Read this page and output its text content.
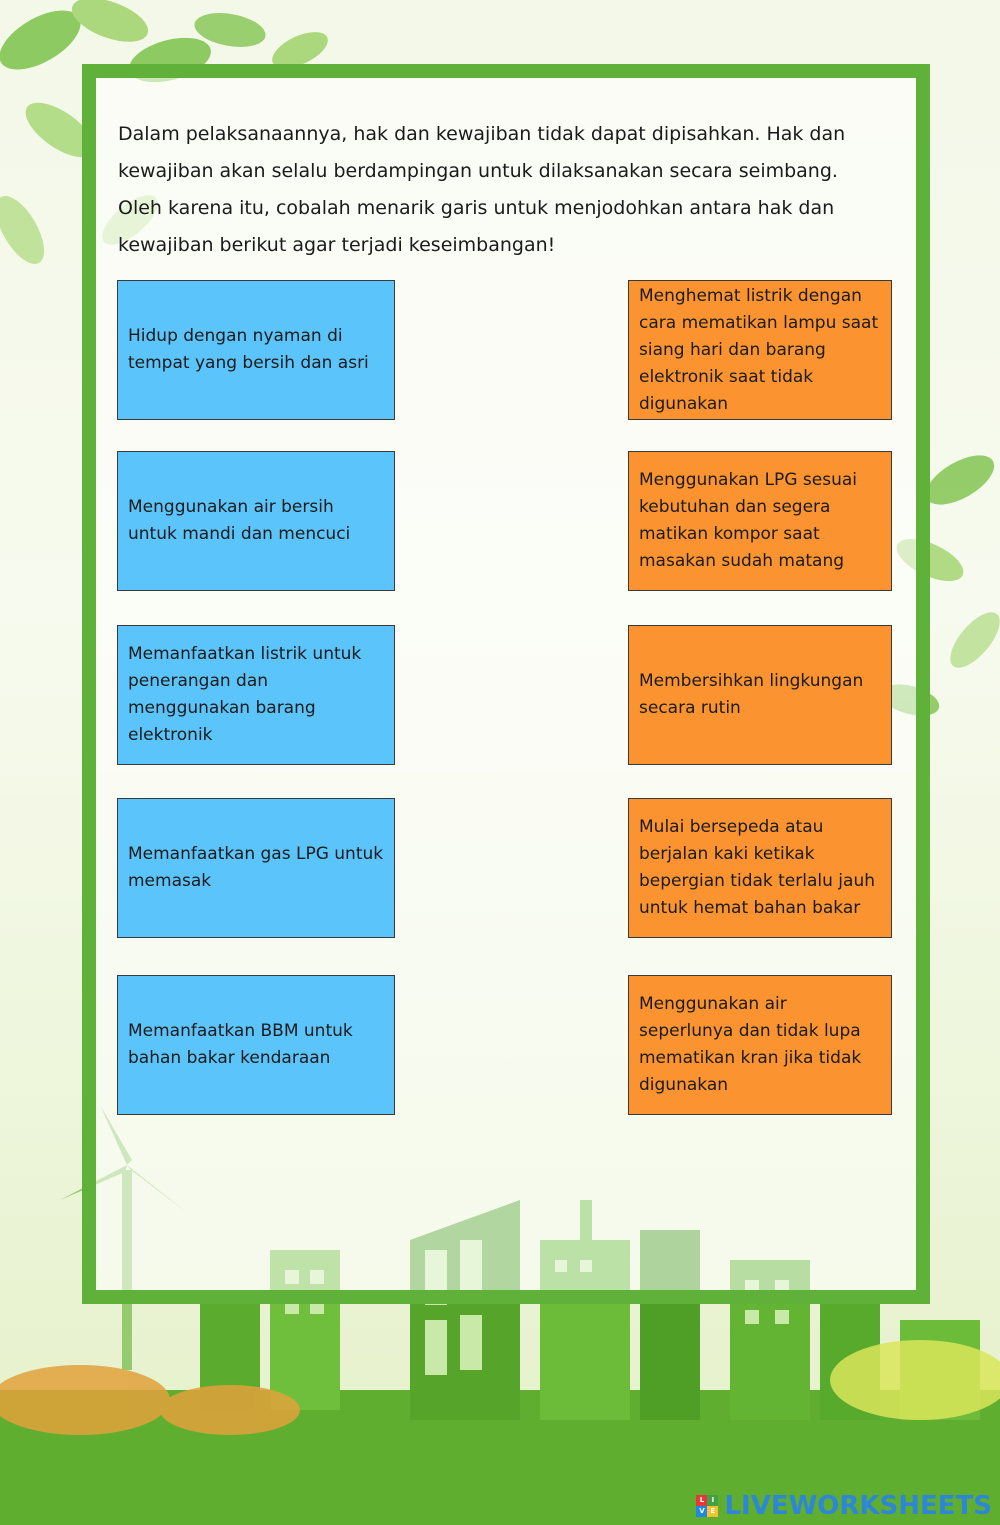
Dalam pelaksanaannya, hak dan kewajiban tidak dapat dipisahkan. Hak dan kewajiban akan selalu berdampingan untuk dilaksanakan secara seimbang. Oleh karena itu, cobalah menarik garis untuk menjodohkan antara hak dan kewajiban berikut agar terjadi keseimbangan!
Hidup dengan nyaman di tempat yang bersih dan asri
Menggunakan air bersih untuk mandi dan mencuci
Memanfaatkan listrik untuk penerangan dan menggunakan barang elektronik
Memanfaatkan gas LPG untuk memasak
Memanfaatkan BBM untuk bahan bakar kendaraan
Menghemat listrik dengan cara mematikan lampu saat siang hari dan barang elektronik saat tidak digunakan
Menggunakan LPG sesuai kebutuhan dan segera matikan kompor saat masakan sudah matang
Membersihkan lingkungan secara rutin
Mulai bersepeda atau berjalan kaki ketikak bepergian tidak terlalu jauh untuk hemat bahan bakar
Menggunakan air seperlunya dan tidak lupa mematikan kran jika tidak digunakan
L	I
V E LIVEWORKSHEETS
